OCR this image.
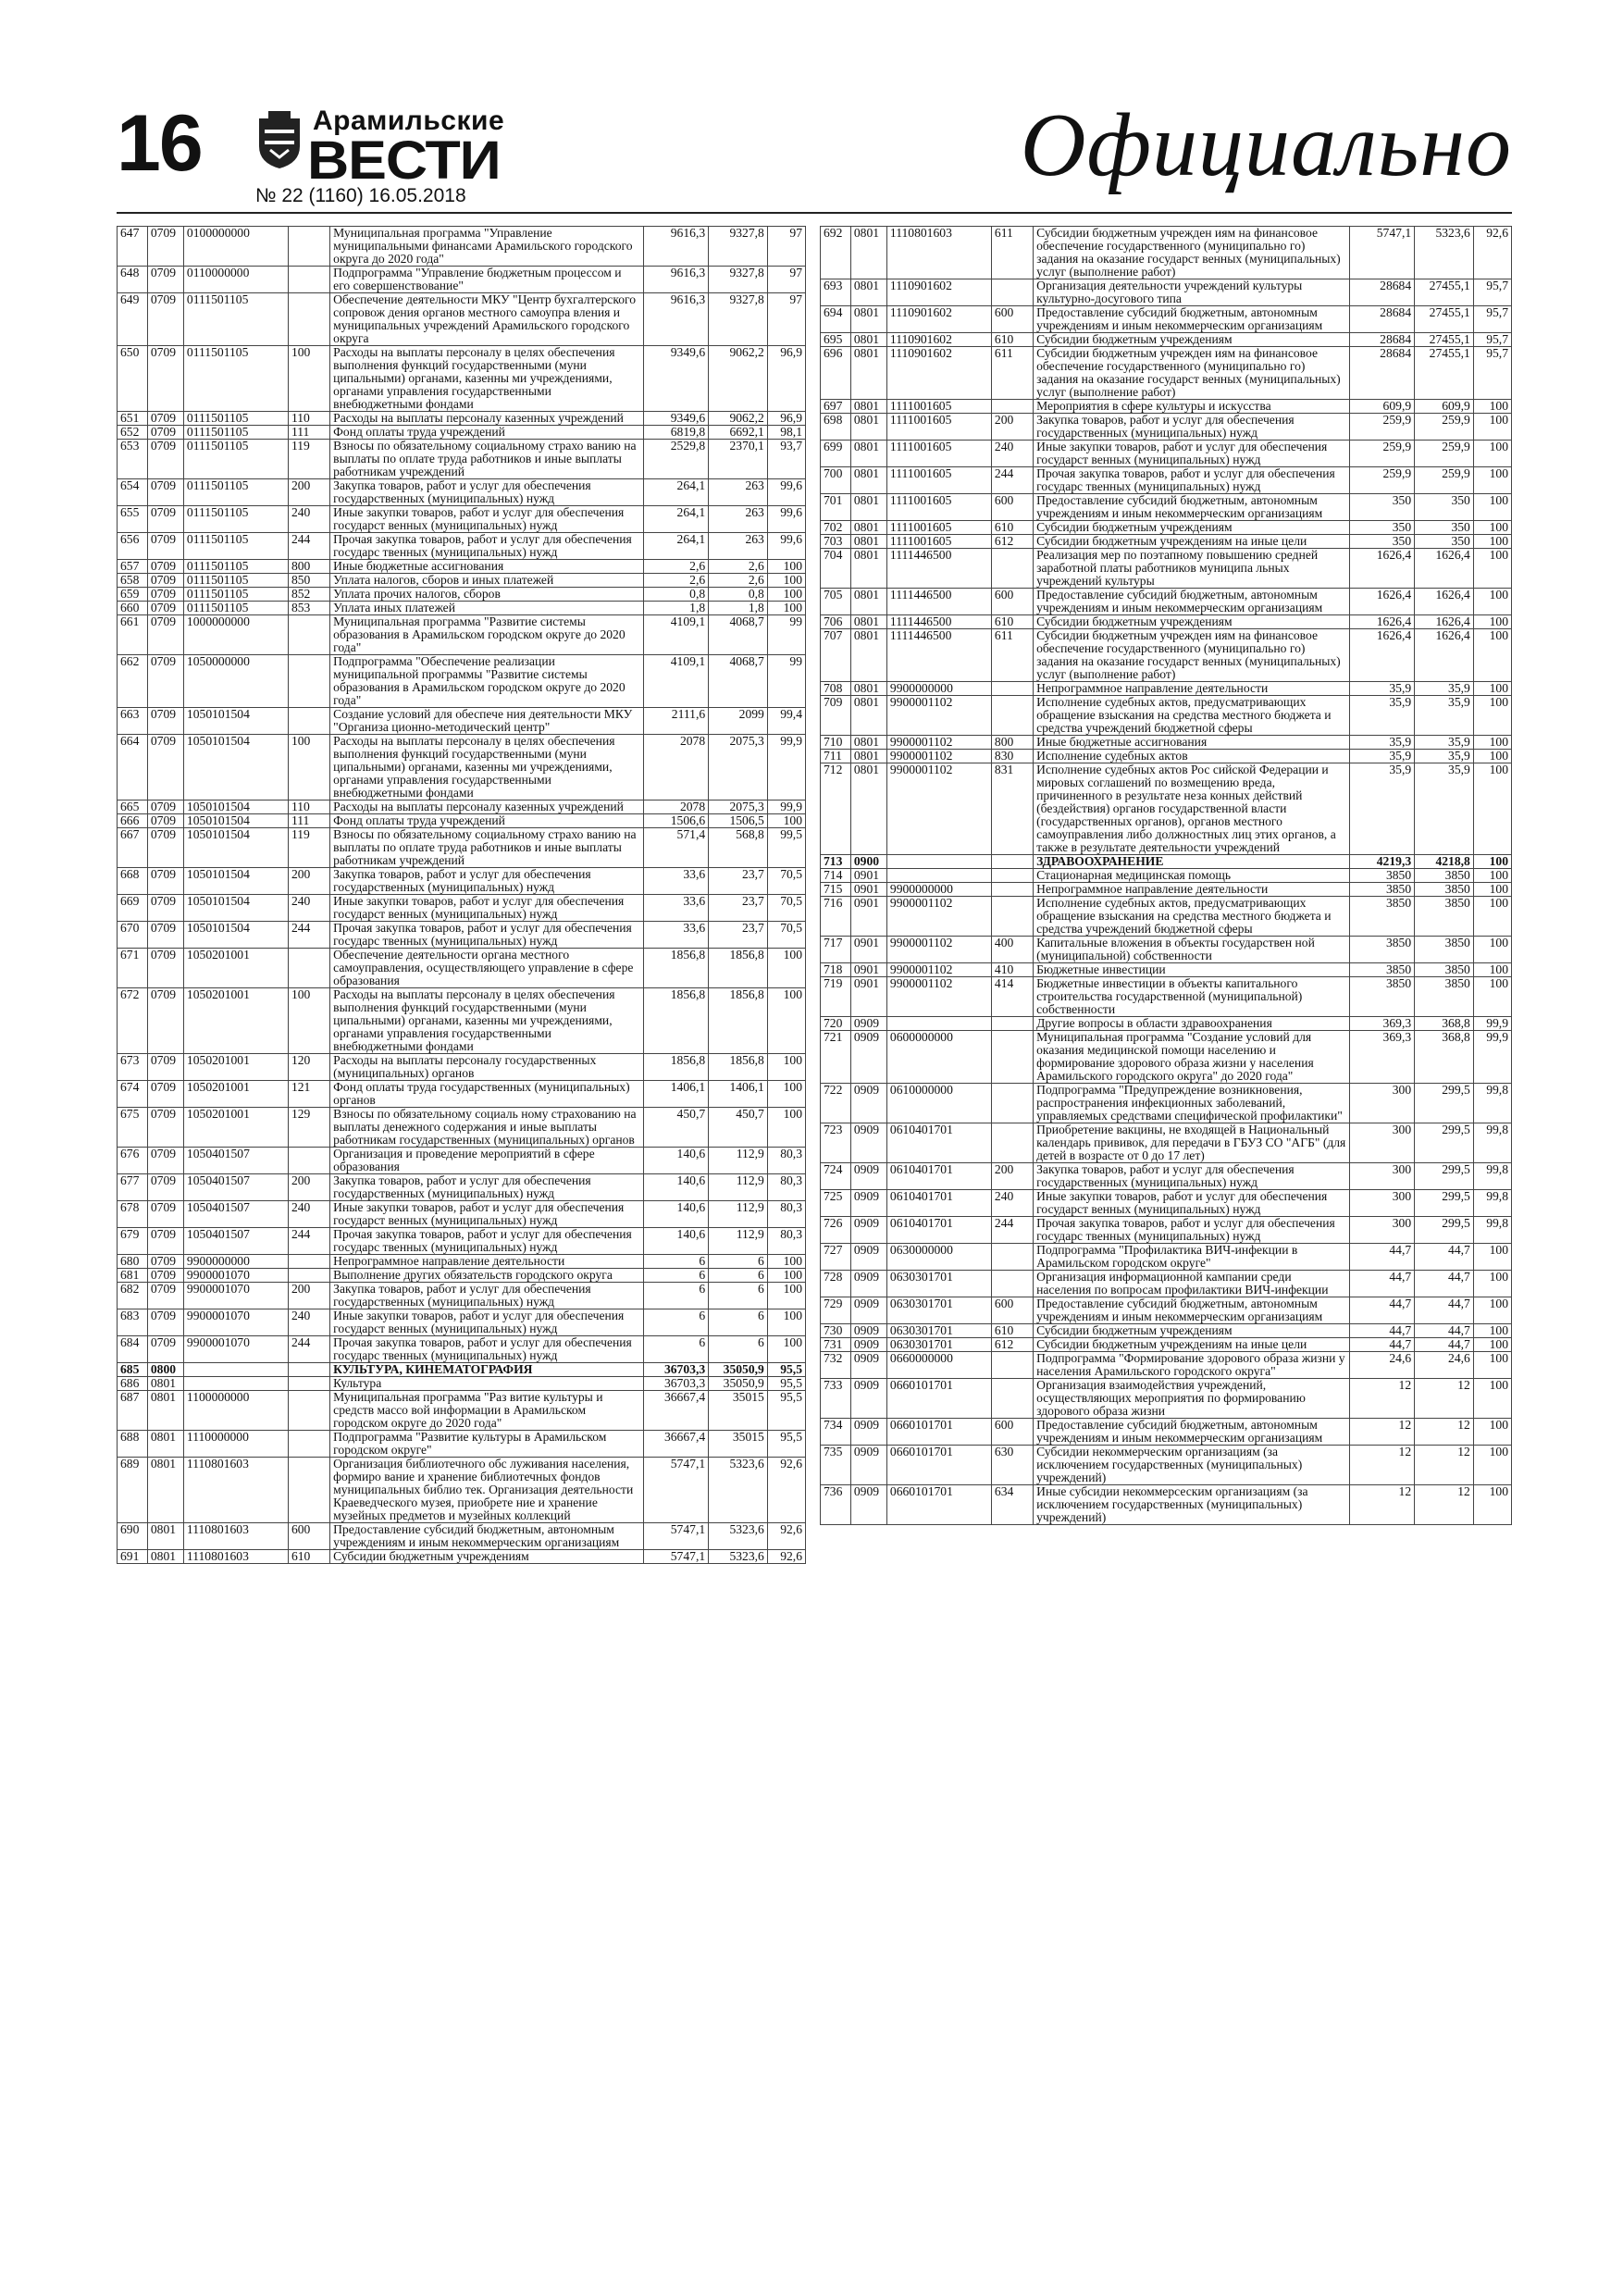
16	Арамильские
ВЕСТИ
№ 22 (1160) 16.05.2018
Официально
647	0709	0100000000		Муниципальная программа "Управление муниципальными финансами Арамильского городского округа до 2020 года"	9616,3	9327,8	97
648	0709	0110000000		Подпрограмма "Управление бюджетным процессом и его совершенствование"	9616,3	9327,8	97
649	0709	0111501105		Обеспечение деятельности МКУ "Центр бухгалтерского сопровож дения органов местного самоупра вления и муниципальных учреждений Арамильского городского округа	9616,3	9327,8	97
650	0709	0111501105	100	Расходы на выплаты персоналу в целях обеспечения выполнения функций государственными (муни ципальными) органами, казенны ми учреждениями, органами управления государственными внебюджетными фондами	9349,6	9062,2	96,9
651	0709	0111501105	110	Расходы на выплаты персоналу казенных учреждений	9349,6	9062,2	96,9
652	0709	0111501105	111	Фонд оплаты труда учреждений	6819,8	6692,1	98,1
653	0709	0111501105	119	Взносы по обязательному социальному страхо ванию на выплаты по оплате труда работников и иные выплаты работникам учреждений	2529,8	2370,1	93,7
654	0709	0111501105	200	Закупка товаров, работ и услуг для обеспечения государственных (муниципальных) нужд	264,1	263	99,6
655	0709	0111501105	240	Иные закупки товаров, работ и услуг для обеспечения государст венных (муниципальных) нужд	264,1	263	99,6
656	0709	0111501105	244	Прочая закупка товаров, работ и услуг для обеспечения государс твенных (муниципальных) нужд	264,1	263	99,6
657	0709	0111501105	800	Иные бюджетные ассигнования	2,6	2,6	100
658	0709	0111501105	850	Уплата налогов, сборов и иных платежей	2,6	2,6	100
659	0709	0111501105	852	Уплата прочих налогов, сборов	0,8	0,8	100
660	0709	0111501105	853	Уплата иных платежей	1,8	1,8	100
661	0709	1000000000		Муниципальная программа "Развитие системы образования в Арамильском городском округе до 2020 года"	4109,1	4068,7	99
662	0709	1050000000		Подпрограмма "Обеспечение реализации муниципальной программы "Развитие системы образования в Арамильском городском округе до 2020 года"	4109,1	4068,7	99
663	0709	1050101504		Создание условий для обеспече ния деятельности МКУ "Организа ционно-методический центр"	2111,6	2099	99,4
664	0709	1050101504	100	Расходы на выплаты персоналу в целях обеспечения выполнения функций государственными (муни ципальными) органами, казенны ми учреждениями, органами управления государственными внебюджетными фондами	2078	2075,3	99,9
665	0709	1050101504	110	Расходы на выплаты персоналу казенных учреждений	2078	2075,3	99,9
666	0709	1050101504	111	Фонд оплаты труда учреждений	1506,6	1506,5	100
667	0709	1050101504	119	Взносы по обязательному социальному страхо ванию на выплаты по оплате труда работников и иные выплаты работникам учреждений	571,4	568,8	99,5
668	0709	1050101504	200	Закупка товаров, работ и услуг для обеспечения государственных (муниципальных) нужд	33,6	23,7	70,5
669	0709	1050101504	240	Иные закупки товаров, работ и услуг для обеспечения государст венных (муниципальных) нужд	33,6	23,7	70,5
670	0709	1050101504	244	Прочая закупка товаров, работ и услуг для обеспечения государс твенных (муниципальных) нужд	33,6	23,7	70,5
671	0709	1050201001		Обеспечение деятельности органа местного самоуправления, осуществляющего управление в сфере образования	1856,8	1856,8	100
672	0709	1050201001	100	Расходы на выплаты персоналу в целях обеспечения выполнения функций государственными (муни ципальными) органами, казенны ми учреждениями, органами управления государственными внебюджетными фондами	1856,8	1856,8	100
673	0709	1050201001	120	Расходы на выплаты персоналу государственных (муниципальных) органов	1856,8	1856,8	100
674	0709	1050201001	121	Фонд оплаты труда государственных (муниципальных) органов	1406,1	1406,1	100
675	0709	1050201001	129	Взносы по обязательному социаль ному страхованию на выплаты денежного содержания и иные выплаты работникам государственных (муниципальных) органов	450,7	450,7	100
676	0709	1050401507		Организация и проведение мероприятий в сфере образования	140,6	112,9	80,3
677	0709	1050401507	200	Закупка товаров, работ и услуг для обеспечения государственных (муниципальных) нужд	140,6	112,9	80,3
678	0709	1050401507	240	Иные закупки товаров, работ и услуг для обеспечения государст венных (муниципальных) нужд	140,6	112,9	80,3
679	0709	1050401507	244	Прочая закупка товаров, работ и услуг для обеспечения государс твенных (муниципальных) нужд	140,6	112,9	80,3
680	0709	9900000000		Непрограммное направление деятельности	6	6	100
681	0709	9900001070		Выполнение других обязательств городского округа	6	6	100
682	0709	9900001070	200	Закупка товаров, работ и услуг для обеспечения государственных (муниципальных) нужд	6	6	100
683	0709	9900001070	240	Иные закупки товаров, работ и услуг для обеспечения государст венных (муниципальных) нужд	6	6	100
684	0709	9900001070	244	Прочая закупка товаров, работ и услуг для обеспечения государс твенных (муниципальных) нужд	6	6	100
685	0800			КУЛЬТУРА, КИНЕМАТОГРАФИЯ	36703,3	35050,9	95,5
686	0801			Культура	36703,3	35050,9	95,5
687	0801	1100000000		Муниципальная программа "Раз витие культуры и средств массо вой информации в Арамильском городском округе до 2020 года"	36667,4	35015	95,5
688	0801	1110000000		Подпрограмма "Развитие культуры в Арамильском городском округе"	36667,4	35015	95,5
689	0801	1110801603		Организация библиотечного обс луживания населения, формиро вание и хранение библиотечных фондов муниципальных библио тек. Организация деятельности Краеведческого музея, приобрете ние и хранение музейных предметов и музейных коллекций	5747,1	5323,6	92,6
690	0801	1110801603	600	Предоставление субсидий бюджетным, автономным учреждениям и иным некоммерческим организациям	5747,1	5323,6	92,6
691	0801	1110801603	610	Субсидии бюджетным учреждениям	5747,1	5323,6	92,6
692	0801	1110801603	611	Субсидии бюджетным учрежден иям на финансовое обеспечение государственного (муниципально го) задания на оказание государст венных (муниципальных) услуг (выполнение работ)	5747,1	5323,6	92,6
693	0801	1110901602		Организация деятельности учреждений культуры культурно-досугового типа	28684	27455,1	95,7
694	0801	1110901602	600	Предоставление субсидий бюджетным, автономным учреждениям и иным некоммерческим организациям	28684	27455,1	95,7
695	0801	1110901602	610	Субсидии бюджетным учреждениям	28684	27455,1	95,7
696	0801	1110901602	611	Субсидии бюджетным учрежден иям на финансовое обеспечение государственного (муниципально го) задания на оказание государст венных (муниципальных) услуг (выполнение работ)	28684	27455,1	95,7
697	0801	1111001605		Мероприятия в сфере культуры и искусства	609,9	609,9	100
698	0801	1111001605	200	Закупка товаров, работ и услуг для обеспечения государственных (муниципальных) нужд	259,9	259,9	100
699	0801	1111001605	240	Иные закупки товаров, работ и услуг для обеспечения государст венных (муниципальных) нужд	259,9	259,9	100
700	0801	1111001605	244	Прочая закупка товаров, работ и услуг для обеспечения государс твенных (муниципальных) нужд	259,9	259,9	100
701	0801	1111001605	600	Предоставление субсидий бюджетным, автономным учреждениям и иным некоммерческим организациям	350	350	100
702	0801	1111001605	610	Субсидии бюджетным учреждениям	350	350	100
703	0801	1111001605	612	Субсидии бюджетным учреждениям на иные цели	350	350	100
704	0801	1111446500		Реализация мер по поэтапному повышению средней заработной платы работников муниципа льных учреждений культуры	1626,4	1626,4	100
705	0801	1111446500	600	Предоставление субсидий бюджетным, автономным учреждениям и иным некоммерческим организациям	1626,4	1626,4	100
706	0801	1111446500	610	Субсидии бюджетным учреждениям	1626,4	1626,4	100
707	0801	1111446500	611	Субсидии бюджетным учрежден иям на финансовое обеспечение государственного (муниципально го) задания на оказание государст венных (муниципальных) услуг (выполнение работ)	1626,4	1626,4	100
708	0801	9900000000		Непрограммное направление деятельности	35,9	35,9	100
709	0801	9900001102		Исполнение судебных актов, предусматривающих обращение взыскания на средства местного бюджета и средства учреждений бюджетной сферы	35,9	35,9	100
710	0801	9900001102	800	Иные бюджетные ассигнования	35,9	35,9	100
711	0801	9900001102	830	Исполнение судебных актов	35,9	35,9	100
712	0801	9900001102	831	Исполнение судебных актов Рос сийской Федерации и мировых соглашений по возмещению вреда, причиненного в результате неза конных действий (бездействия) органов государственной власти (государственных органов), органов местного самоуправления либо должностных лиц этих органов, а также в результате деятельности учреждений	35,9	35,9	100
713	0900			ЗДРАВООХРАНЕНИЕ	4219,3	4218,8	100
714	0901			Стационарная медицинская помощь	3850	3850	100
715	0901	9900000000		Непрограммное направление деятельности	3850	3850	100
716	0901	9900001102		Исполнение судебных актов, предусматривающих обращение взыскания на средства местного бюджета и средства учреждений бюджетной сферы	3850	3850	100
717	0901	9900001102	400	Капитальные вложения в объекты государствен ной (муниципальной) собственности	3850	3850	100
718	0901	9900001102	410	Бюджетные инвестиции	3850	3850	100
719	0901	9900001102	414	Бюджетные инвестиции в объекты капитального строительства государственной (муниципальной) собственности	3850	3850	100
720	0909			Другие вопросы в области здравоохранения	369,3	368,8	99,9
721	0909	0600000000		Муниципальная программа "Создание условий для оказания медицинской помощи населению и формирование здорового образа жизни у населения Арамильского городского округа" до 2020 года"	369,3	368,8	99,9
722	0909	0610000000		Подпрограмма "Предупреждение возникновения, распространения инфекционных заболеваний, управляемых средствами специфической профилактики"	300	299,5	99,8
723	0909	0610401701		Приобретение вакцины, не входящей в Национальный календарь прививок, для передачи в ГБУЗ СО "АГБ" (для детей в возрасте от 0 до 17 лет)	300	299,5	99,8
724	0909	0610401701	200	Закупка товаров, работ и услуг для обеспечения государственных (муниципальных) нужд	300	299,5	99,8
725	0909	0610401701	240	Иные закупки товаров, работ и услуг для обеспечения государст венных (муниципальных) нужд	300	299,5	99,8
726	0909	0610401701	244	Прочая закупка товаров, работ и услуг для обеспечения государс твенных (муниципальных) нужд	300	299,5	99,8
727	0909	0630000000		Подпрограмма "Профилактика ВИЧ-инфекции в Арамильском городском округе"	44,7	44,7	100
728	0909	0630301701		Организация информационной кампании среди населения по вопросам профилактики ВИЧ-инфекции	44,7	44,7	100
729	0909	0630301701	600	Предоставление субсидий бюджетным, автономным учреждениям и иным некоммерческим организациям	44,7	44,7	100
730	0909	0630301701	610	Субсидии бюджетным учреждениям	44,7	44,7	100
731	0909	0630301701	612	Субсидии бюджетным учреждениям на иные цели	44,7	44,7	100
732	0909	0660000000		Подпрограмма "Формирование здорового образа жизни у населения Арамильского городского округа"	24,6	24,6	100
733	0909	0660101701		Организация взаимодействия учреждений, осуществляющих мероприятия по формированию здорового образа жизни	12	12	100
734	0909	0660101701	600	Предоставление субсидий бюджетным, автономным учреждениям и иным некоммерческим организациям	12	12	100
735	0909	0660101701	630	Субсидии некоммерческим организациям (за исключением государственных (муниципальных) учреждений)	12	12	100
736	0909	0660101701	634	Иные субсидии некоммерсеским организациям (за исключением государственных (муниципальных) учреждений)	12	12	100
